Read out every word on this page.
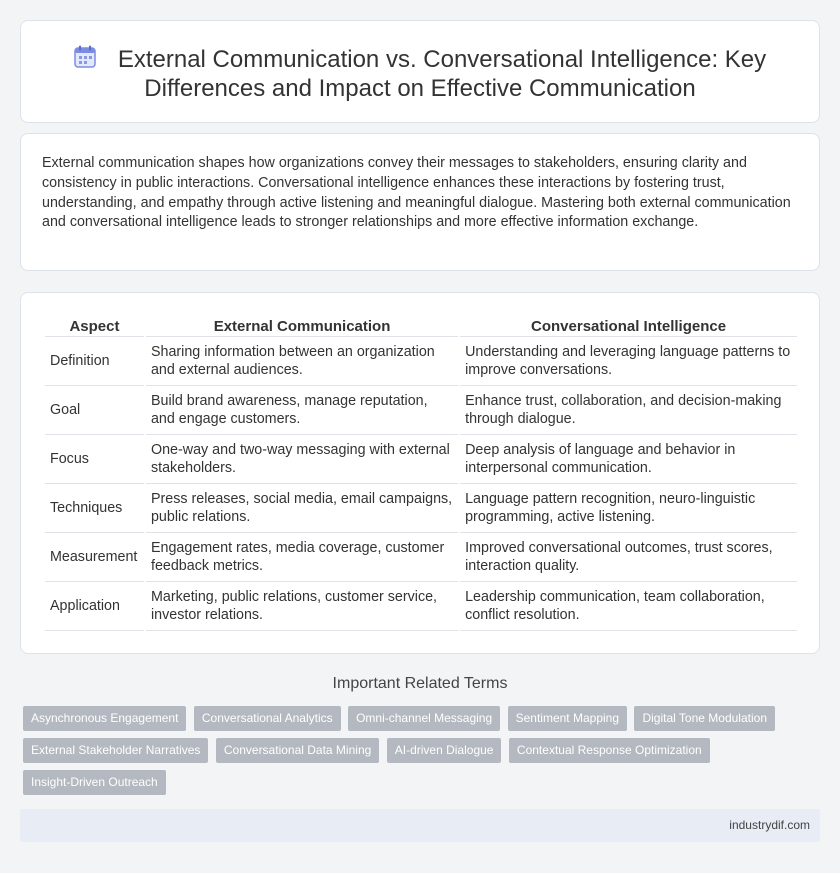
External Communication vs. Conversational Intelligence: Key Differences and Impact on Effective Communication

External communication shapes how organizations convey their messages to stakeholders, ensuring clarity and consistency in public interactions. Conversational intelligence enhances these interactions by fostering trust, understanding, and empathy through active listening and meaningful dialogue. Mastering both external communication and conversational intelligence leads to stronger relationships and more effective information exchange.

Aspect	External Communication	Conversational Intelligence
Definition	Sharing information between an organization and external audiences.	Understanding and leveraging language patterns to improve conversations.
Goal	Build brand awareness, manage reputation, and engage customers.	Enhance trust, collaboration, and decision-making through dialogue.
Focus	One-way and two-way messaging with external stakeholders.	Deep analysis of language and behavior in interpersonal communication.
Techniques	Press releases, social media, email campaigns, public relations.	Language pattern recognition, neuro-linguistic programming, active listening.
Measurement	Engagement rates, media coverage, customer feedback metrics.	Improved conversational outcomes, trust scores, interaction quality.
Application	Marketing, public relations, customer service, investor relations.	Leadership communication, team collaboration, conflict resolution.
Important Related Terms
Asynchronous Engagement Conversational Analytics Omni-channel Messaging Sentiment Mapping Digital Tone Modulation External Stakeholder Narratives Conversational Data Mining AI-driven Dialogue Contextual Response Optimization Insight-Driven Outreach
industrydif.com
